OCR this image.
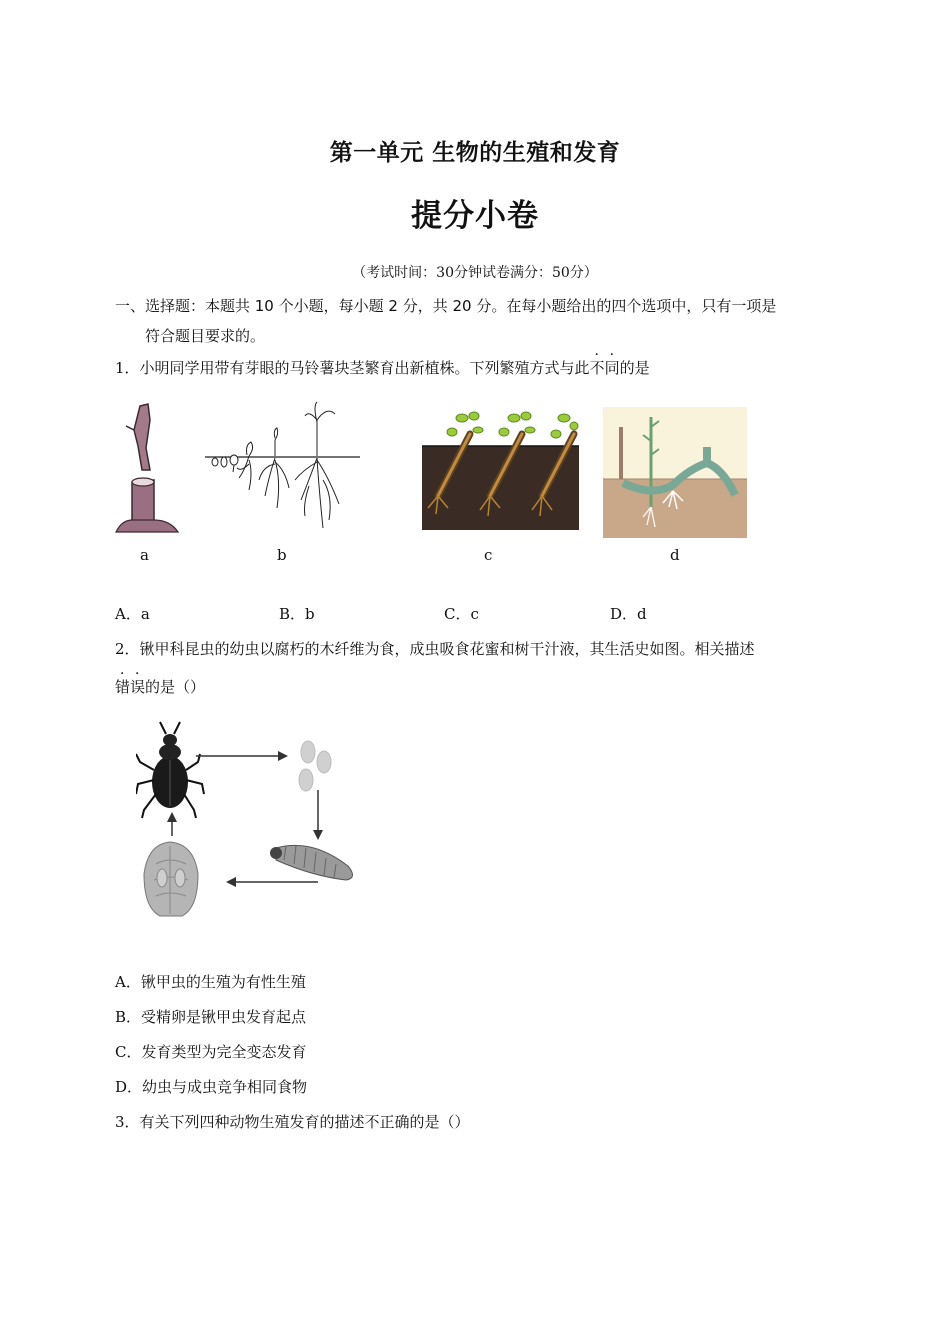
第一单元 生物的生殖和发育
提分小卷
（考试时间：30分钟试卷满分：50分）
一、选择题：本题共 10 个小题，每小题 2 分，共 20 分。在每小题给出的四个选项中，只有一项是
符合题目要求的。
1．小明同学用带有芽眼的马铃薯块茎繁育出新植株。下列繁殖方式与此不同的是
a	b	c	d
A．a	B．b	C．c	D．d
2．锹甲科昆虫的幼虫以腐朽的木纤维为食，成虫吸食花蜜和树干汁液，其生活史如图。相关描述
错误的是（）
A．锹甲虫的生殖为有性生殖
B．受精卵是锹甲虫发育起点
C．发育类型为完全变态发育
D．幼虫与成虫竞争相同食物
3．有关下列四种动物生殖发育的描述不正确的是（）
